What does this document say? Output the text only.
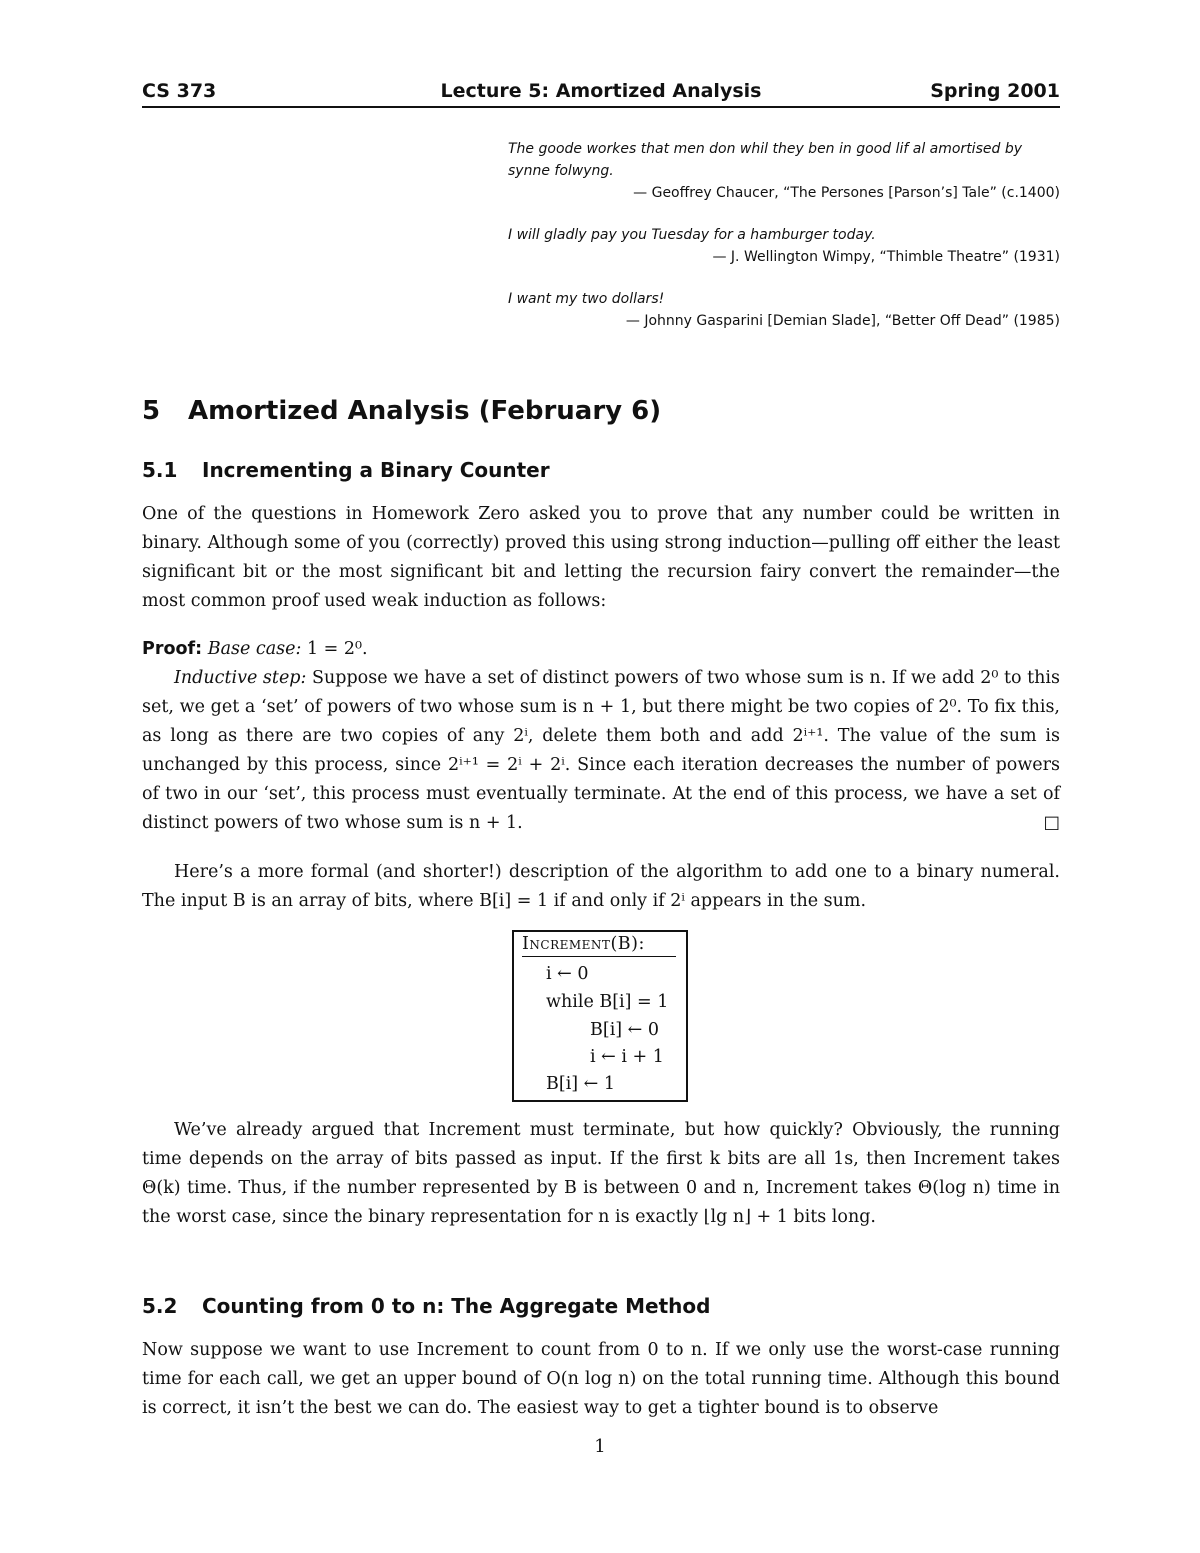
CS 373	Lecture 5: Amortized Analysis	Spring 2001
The goode workes that men don whil they ben in good lif al amortised by synne folwyng.
— Geoffrey Chaucer, “The Persones [Parson’s] Tale” (c.1400)
I will gladly pay you Tuesday for a hamburger today.
— J. Wellington Wimpy, “Thimble Theatre” (1931)
I want my two dollars!
— Johnny Gasparini [Demian Slade], “Better Off Dead” (1985)
5 Amortized Analysis (February 6)
5.1 Incrementing a Binary Counter
One of the questions in Homework Zero asked you to prove that any number could be written in binary. Although some of you (correctly) proved this using strong induction—pulling off either the least significant bit or the most significant bit and letting the recursion fairy convert the remainder—the most common proof used weak induction as follows:
Proof: Base case: 1 = 2⁰.
Inductive step: Suppose we have a set of distinct powers of two whose sum is n. If we add 2⁰ to this set, we get a ‘set’ of powers of two whose sum is n + 1, but there might be two copies of 2⁰. To fix this, as long as there are two copies of any 2ⁱ, delete them both and add 2ⁱ⁺¹. The value of the sum is unchanged by this process, since 2ⁱ⁺¹ = 2ⁱ + 2ⁱ. Since each iteration decreases the number of powers of two in our ‘set’, this process must eventually terminate. At the end of this process, we have a set of distinct powers of two whose sum is n + 1.	□
Here’s a more formal (and shorter!) description of the algorithm to add one to a binary numeral. The input B is an array of bits, where B[i] = 1 if and only if 2ⁱ appears in the sum.
Increment(B):
i ← 0
while B[i] = 1
B[i] ← 0
i ← i + 1
B[i] ← 1
We’ve already argued that Increment must terminate, but how quickly? Obviously, the running time depends on the array of bits passed as input. If the first k bits are all 1s, then Increment takes Θ(k) time. Thus, if the number represented by B is between 0 and n, Increment takes Θ(log n) time in the worst case, since the binary representation for n is exactly ⌊lg n⌋ + 1 bits long.
5.2 Counting from 0 to n: The Aggregate Method
Now suppose we want to use Increment to count from 0 to n. If we only use the worst-case running time for each call, we get an upper bound of O(n log n) on the total running time. Although this bound is correct, it isn’t the best we can do. The easiest way to get a tighter bound is to observe
1
